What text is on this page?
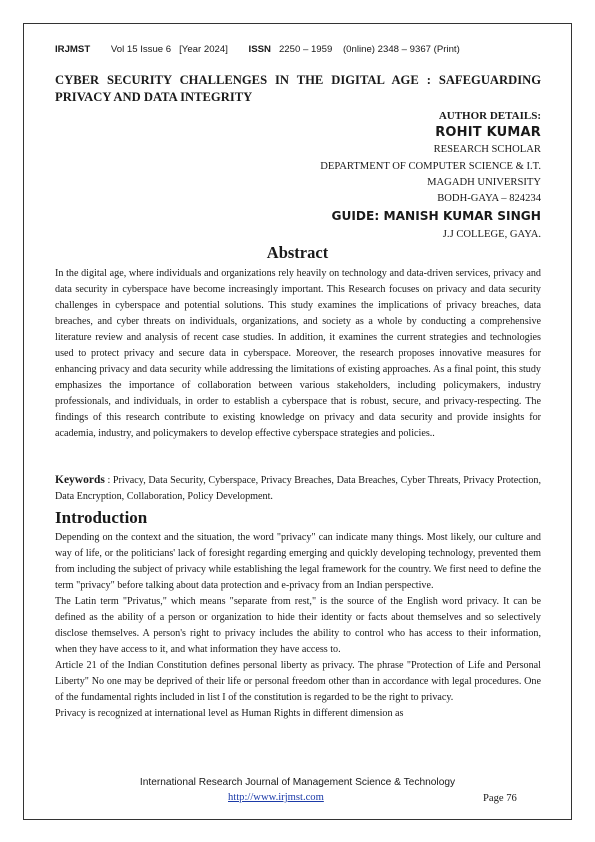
IRJMST Vol 15 Issue 6 [Year 2024] ISSN 2250 – 1959 (0nline) 2348 – 9367 (Print)
CYBER SECURITY CHALLENGES IN THE DIGITAL AGE : SAFEGUARDING PRIVACY AND DATA INTEGRITY
AUTHOR DETAILS:
ROHIT KUMAR
RESEARCH SCHOLAR
DEPARTMENT OF COMPUTER SCIENCE & I.T.
MAGADH UNIVERSITY
BODH-GAYA – 824234
GUIDE: MANISH KUMAR SINGH
J.J COLLEGE, GAYA.
Abstract
In the digital age, where individuals and organizations rely heavily on technology and data-driven services, privacy and data security in cyberspace have become increasingly important. This Research focuses on privacy and data security challenges in cyberspace and potential solutions. This study examines the implications of privacy breaches, data breaches, and cyber threats on individuals, organizations, and society as a whole by conducting a comprehensive literature review and analysis of recent case studies. In addition, it examines the current strategies and technologies used to protect privacy and secure data in cyberspace. Moreover, the research proposes innovative measures for enhancing privacy and data security while addressing the limitations of existing approaches. As a final point, this study emphasizes the importance of collaboration between various stakeholders, including policymakers, industry professionals, and individuals, in order to establish a cyberspace that is robust, secure, and privacy-respecting. The findings of this research contribute to existing knowledge on privacy and data security and provide insights for academia, industry, and policymakers to develop effective cyberspace strategies and policies..
Keywords : Privacy, Data Security, Cyberspace, Privacy Breaches, Data Breaches, Cyber Threats, Privacy Protection, Data Encryption, Collaboration, Policy Development.
Introduction

Depending on the context and the situation, the word "privacy" can indicate many things. Most likely, our culture and way of life, or the politicians' lack of foresight regarding emerging and quickly developing technology, prevented them from including the subject of privacy while establishing the legal framework for the country. We first need to define the term "privacy" before talking about data protection and e-privacy from an Indian perspective.

The Latin term "Privatus," which means "separate from rest," is the source of the English word privacy. It can be defined as the ability of a person or organization to hide their identity or facts about themselves and so selectively disclose themselves. A person's right to privacy includes the ability to control who has access to their information, when they have access to it, and what information they have access to.

Article 21 of the Indian Constitution defines personal liberty as privacy. The phrase "Protection of Life and Personal Liberty" No one may be deprived of their life or personal freedom other than in accordance with legal procedures. One of the fundamental rights included in list I of the constitution is regarded to be the right to privacy.

Privacy is recognized at international level as Human Rights in different dimension as

International Research Journal of Management Science & Technology
http://www.irjmst.com	Page 76
